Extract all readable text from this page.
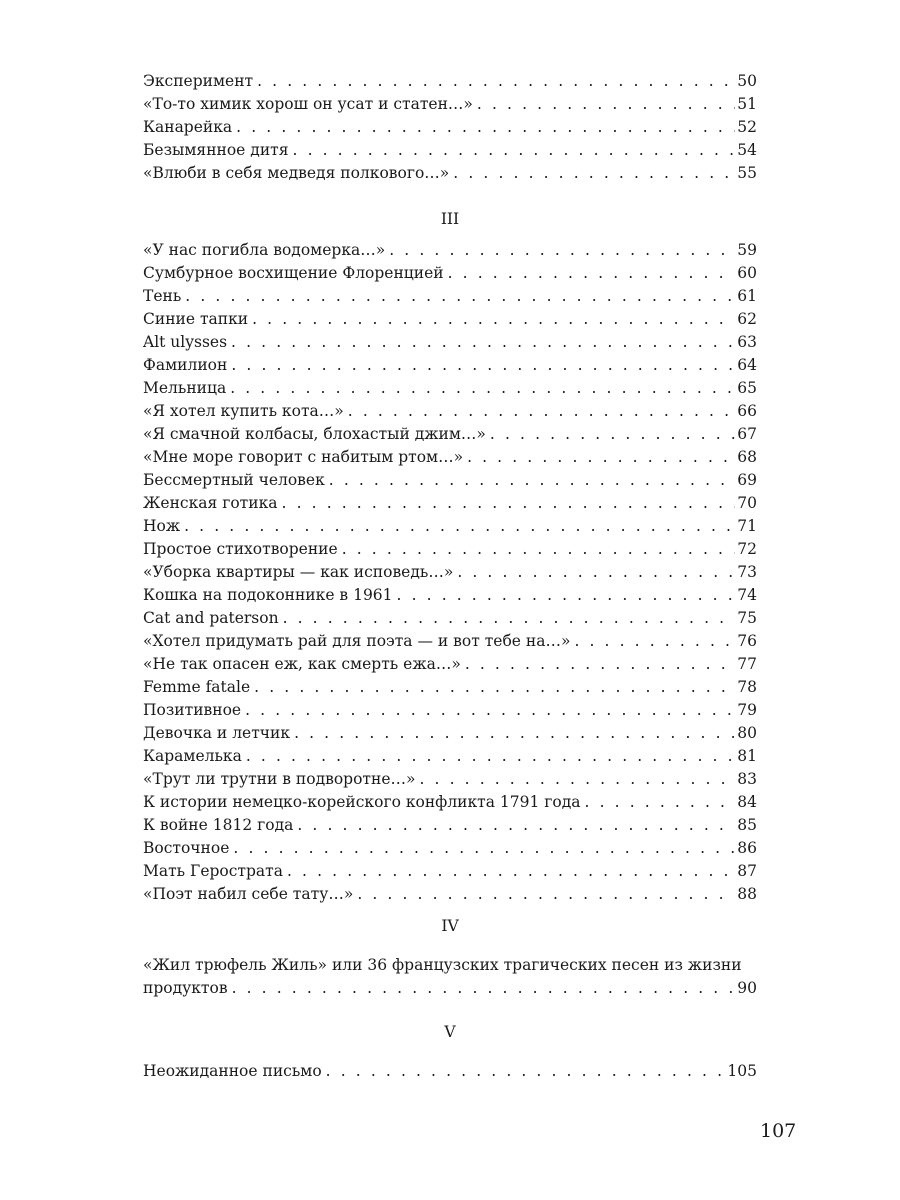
Эксперимент . . .	50
«То-то химик хорош он усат и статен…» . . .	51
Канарейка . . .	52
Безымянное дитя . . .	54
«Влюби в себя медведя полкового…» . . .	55

III

«У нас погибла водомерка…» . . .	59
Сумбурное восхищение Флоренцией . . .	60
Тень . . .	61
Синие тапки . . .	62
Alt ulysses . . .	63
Фамилион . . .	64
Мельница . . .	65
«Я хотел купить кота…» . . .	66
«Я смачной колбасы, блохастый джим…» . . .	67
«Мне море говорит с набитым ртом…» . . .	68
Бессмертный человек . . .	69
Женская готика . . .	70
Нож . . .	71
Простое стихотворение . . .	72
«Уборка квартиры — как исповедь…» . . .	73
Кошка на подоконнике в 1961 . . .	74
Cat and paterson . . .	75
«Хотел придумать рай для поэта — и вот тебе на…» . . .	76
«Не так опасен еж, как смерть ежа…» . . .	77
Femme fatale . . .	78
Позитивное . . .	79
Девочка и летчик . . .	80
Карамелька . . .	81
«Трут ли трутни в подворотне…» . . .	83
К истории немецко-корейского конфликта 1791 года . . .	84
К войне 1812 года . . .	85
Восточное . . .	86
Мать Герострата . . .	87
«Поэт набил себе тату…» . . .	88

IV

«Жил трюфель Жиль» или 36 французских трагических песен из жизни
продуктов . . .	90

V

Неожиданное письмо . . .	105
107
